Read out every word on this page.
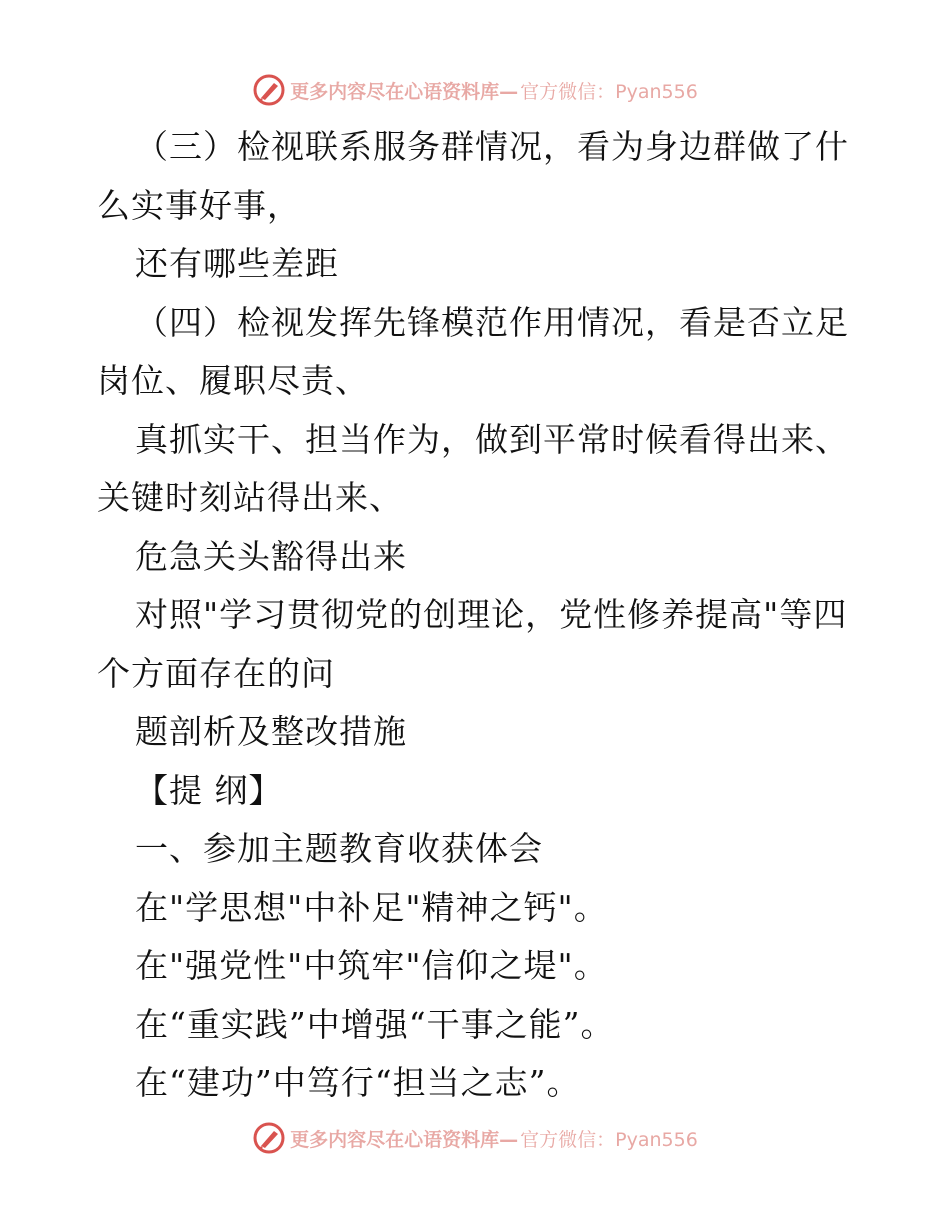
更多内容尽在心语资料库— 官方微信：Pyan556
（三）检视联系服务群情况，看为身边群做了什
么实事好事，
还有哪些差距
（四）检视发挥先锋模范作用情况，看是否立足
岗位、履职尽责、
真抓实干、担当作为，做到平常时候看得出来、
关键时刻站得出来、
危急关头豁得出来
对照"学习贯彻党的创理论，党性修养提高"等四
个方面存在的问
题剖析及整改措施
【提 纲】
一、参加主题教育收获体会
在"学思想"中补足"精神之钙"。
在"强党性"中筑牢"信仰之堤"。
在“重实践”中增强“干事之能”。
在“建功”中笃行“担当之志”。
更多内容尽在心语资料库— 官方微信：Pyan556
